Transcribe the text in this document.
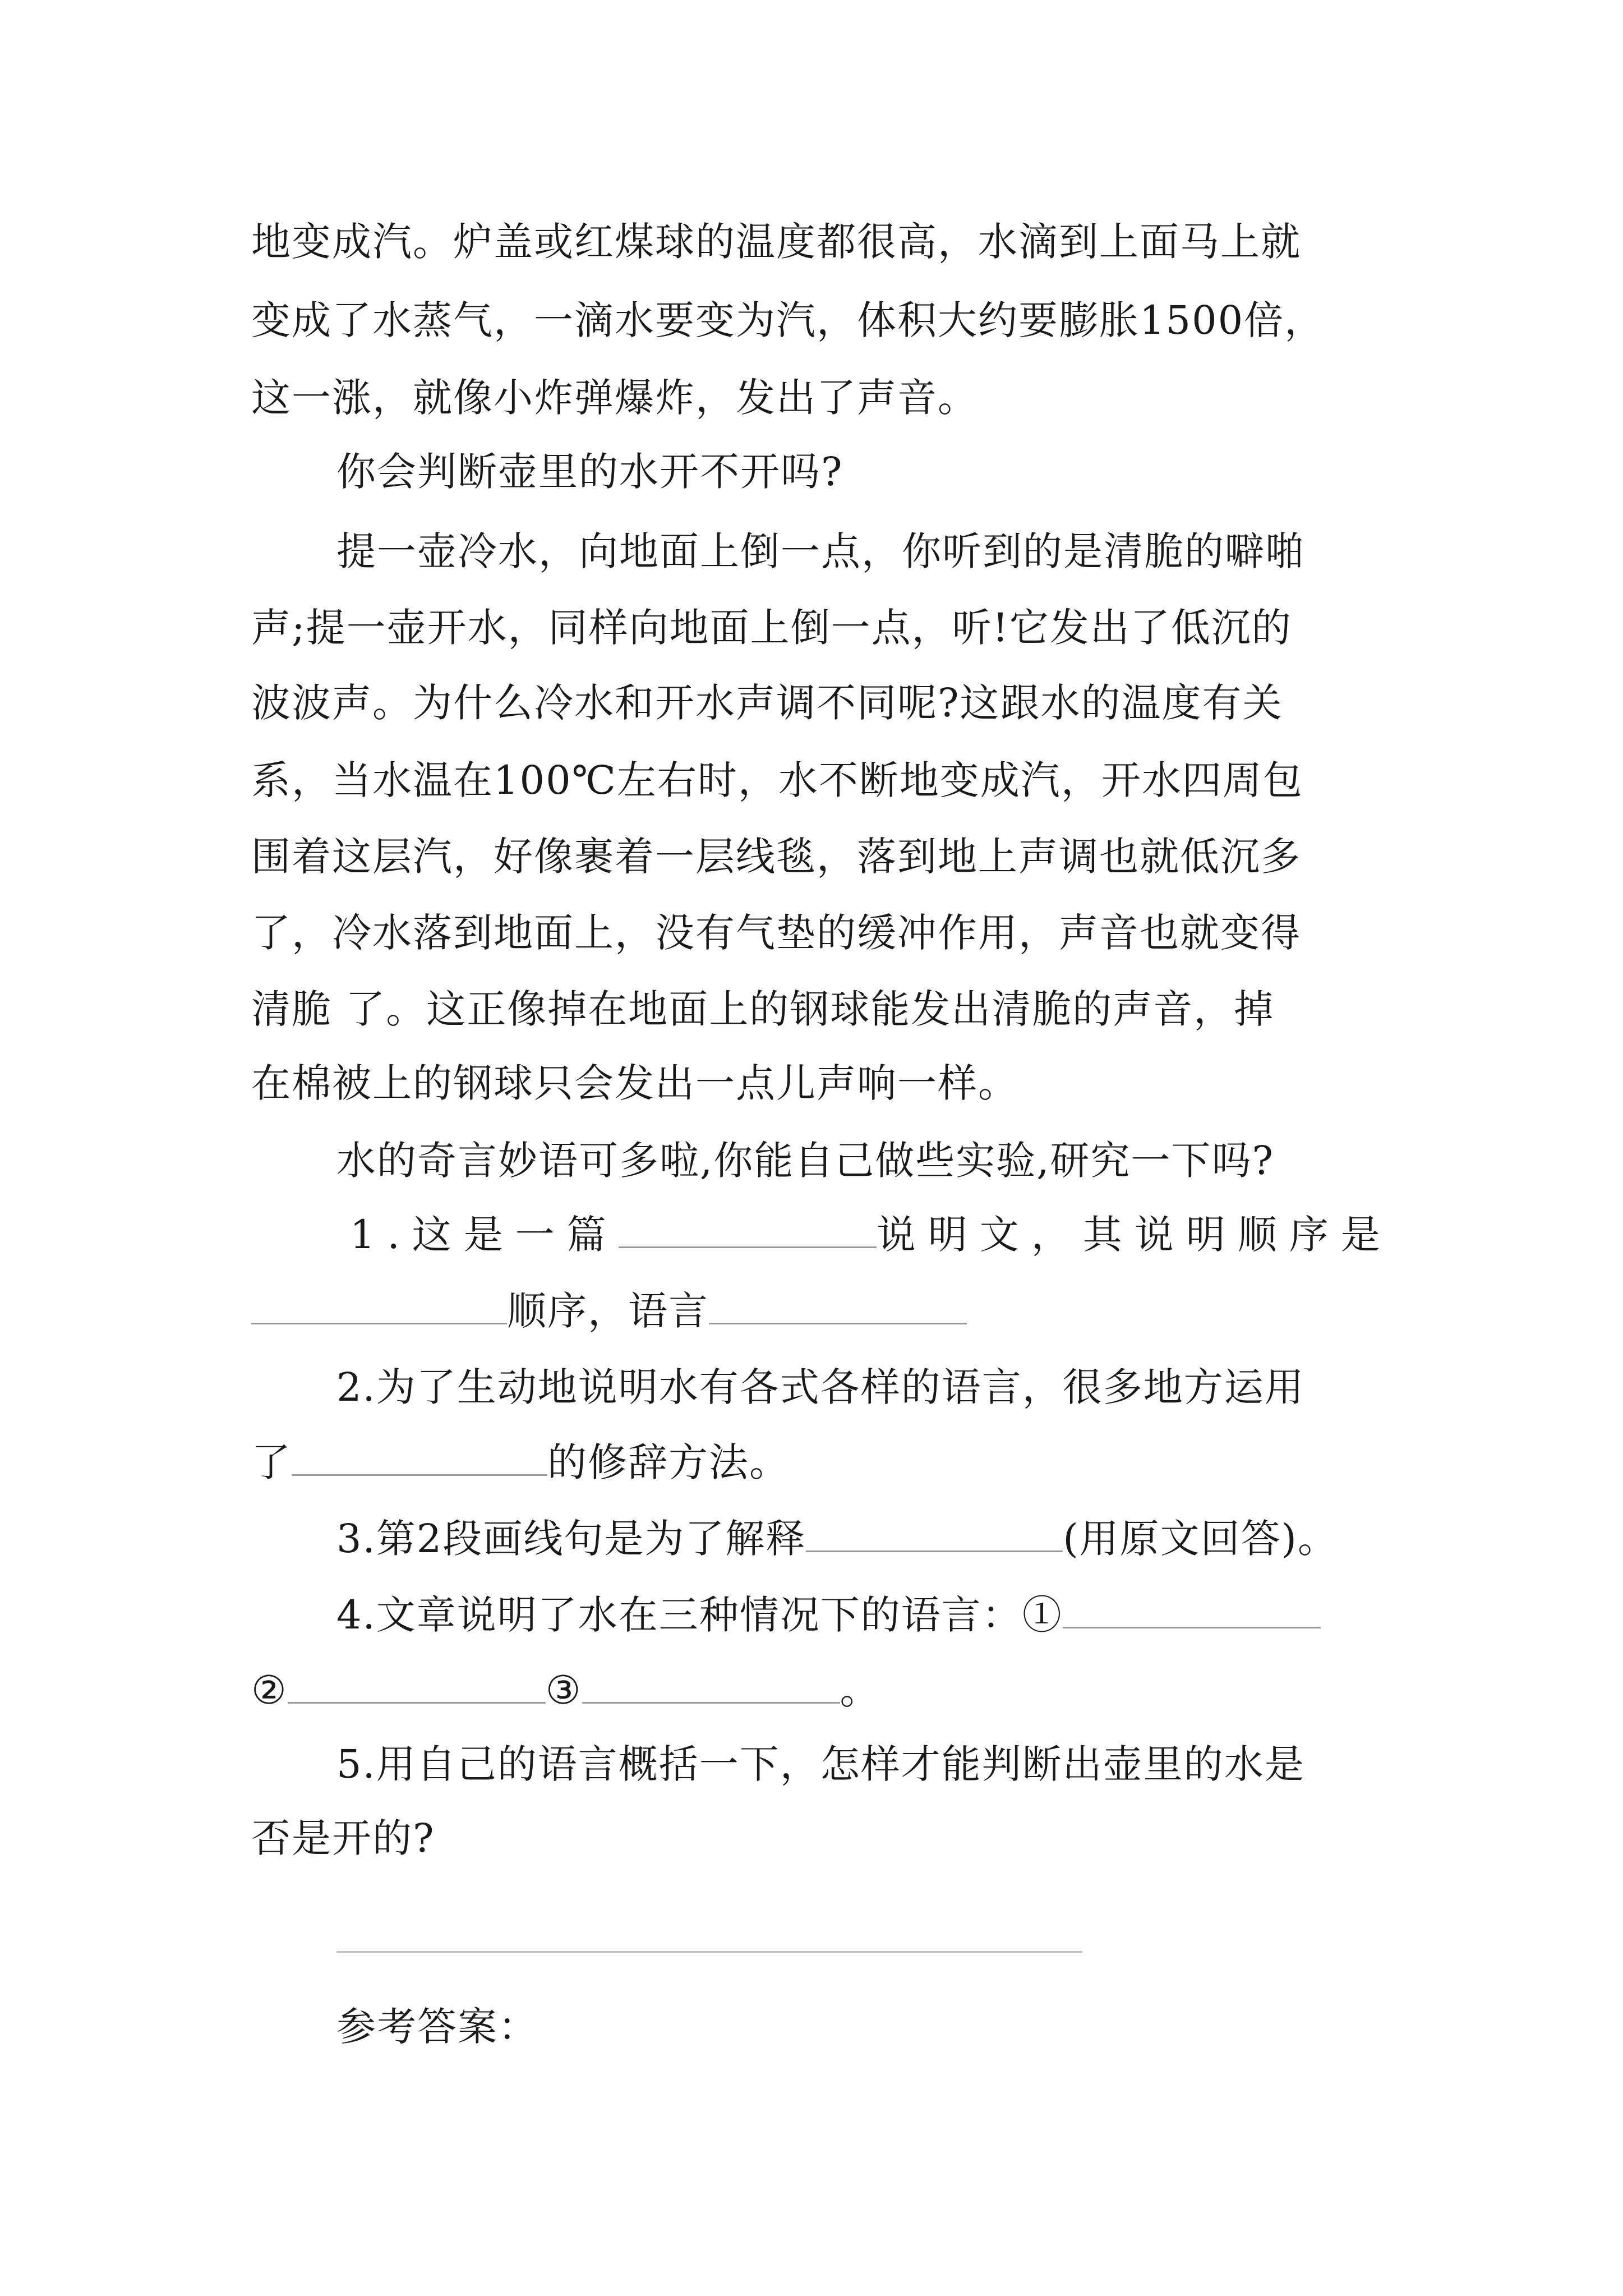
地变成汽。炉盖或红煤球的温度都很高，水滴到上面马上就
变成了水蒸气，一滴水要变为汽，体积大约要膨胀1500倍，
这一涨，就像小炸弹爆炸，发出了声音。
你会判断壶里的水开不开吗?
提一壶冷水，向地面上倒一点，你听到的是清脆的噼啪
声;提一壶开水，同样向地面上倒一点，听!它发出了低沉的
波波声。为什么冷水和开水声调不同呢?这跟水的温度有关
系，当水温在100℃左右时，水不断地变成汽，开水四周包
围着这层汽，好像裹着一层线毯，落到地上声调也就低沉多
了，冷水落到地面上，没有气垫的缓冲作用，声音也就变得
清脆 了。这正像掉在地面上的钢球能发出清脆的声音，掉
在棉被上的钢球只会发出一点儿声响一样。
水的奇言妙语可多啦,你能自己做些实验,研究一下吗?
1.这是一篇	说明文，其说明顺序是
顺序，语言
2.为了生动地说明水有各式各样的语言，很多地方运用
了	的修辞方法。
3.第2段画线句是为了解释	(用原文回答)。
4.文章说明了水在三种情况下的语言：①
②	③	。
5.用自己的语言概括一下，怎样才能判断出壶里的水是
否是开的?
参考答案：
